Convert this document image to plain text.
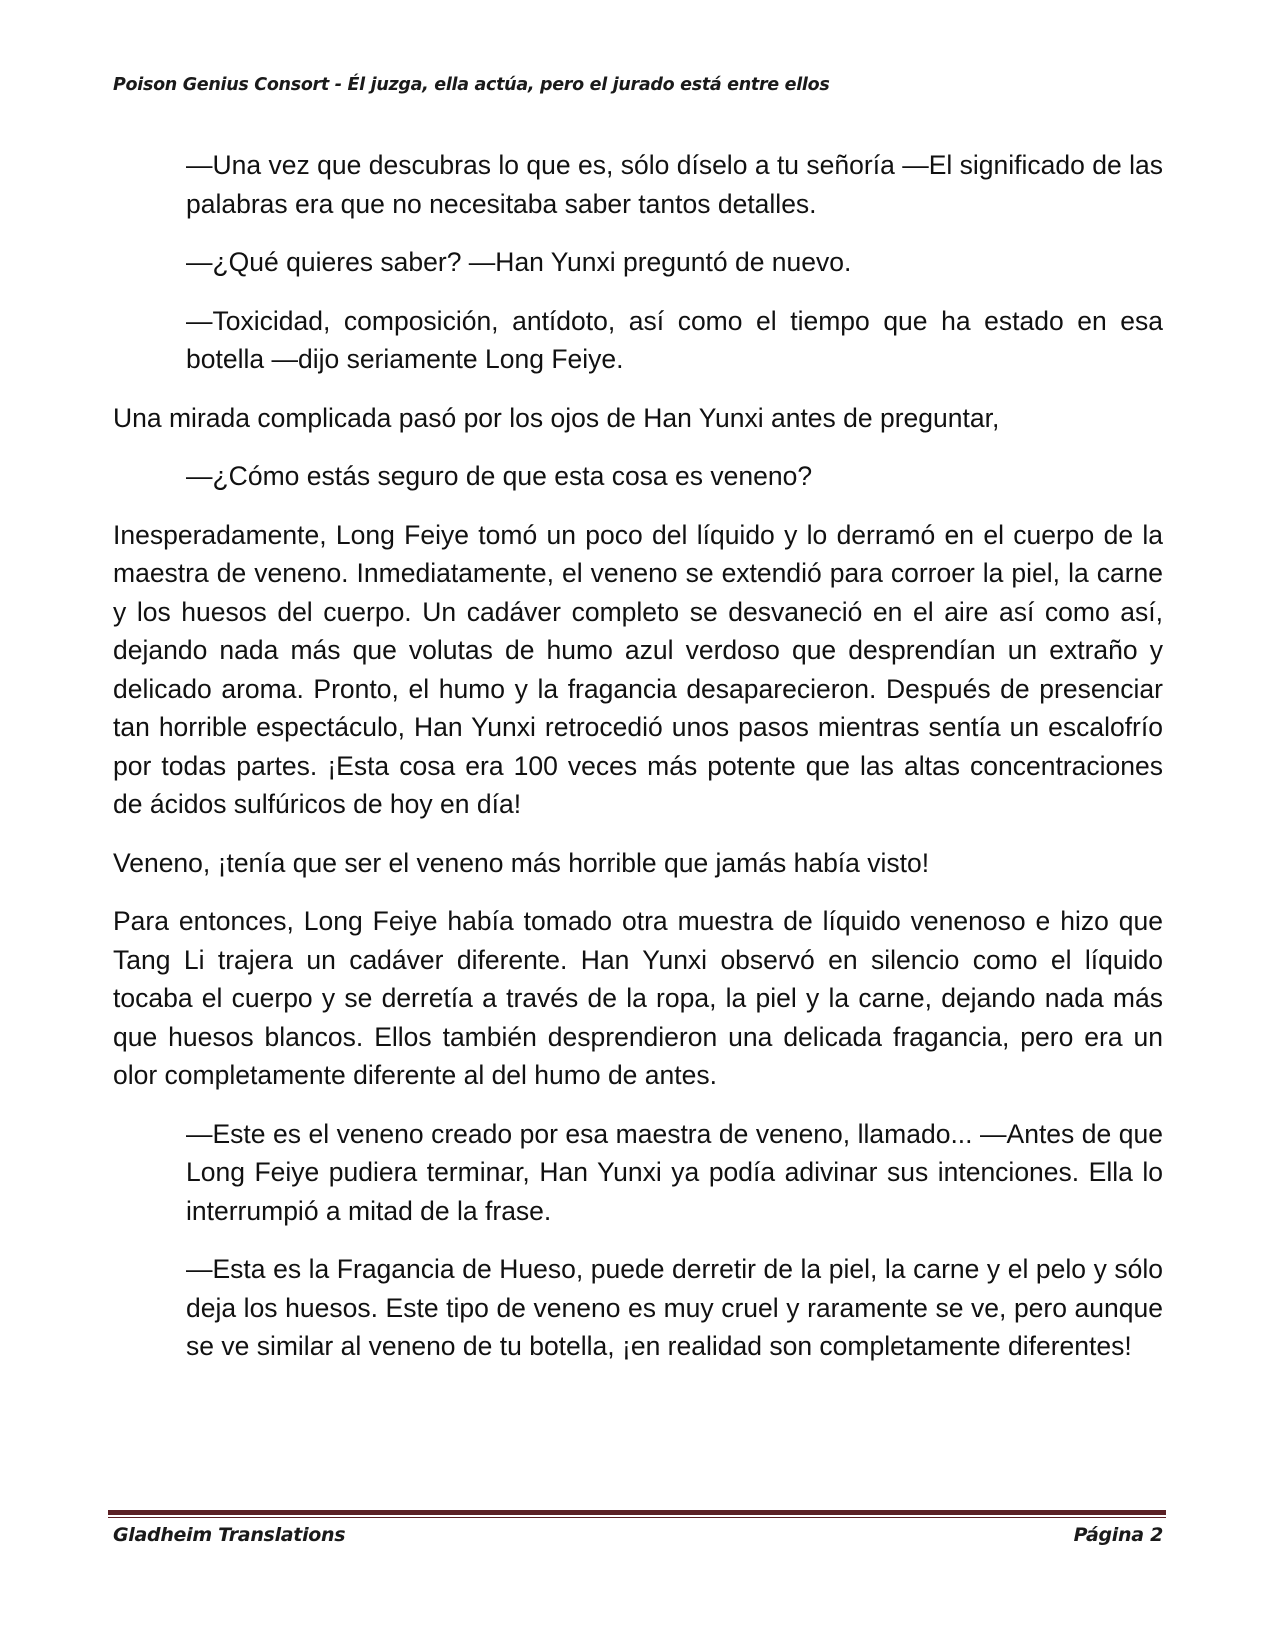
Poison Genius Consort - Él juzga, ella actúa, pero el jurado está entre ellos

—Una vez que descubras lo que es, sólo díselo a tu señoría —El significado de las palabras era que no necesitaba saber tantos detalles.

—¿Qué quieres saber? —Han Yunxi preguntó de nuevo.

—Toxicidad, composición, antídoto, así como el tiempo que ha estado en esa botella —dijo seriamente Long Feiye.

Una mirada complicada pasó por los ojos de Han Yunxi antes de preguntar,

—¿Cómo estás seguro de que esta cosa es veneno?

Inesperadamente, Long Feiye tomó un poco del líquido y lo derramó en el cuerpo de la maestra de veneno. Inmediatamente, el veneno se extendió para corroer la piel, la carne y los huesos del cuerpo. Un cadáver completo se desvaneció en el aire así como así, dejando nada más que volutas de humo azul verdoso que desprendían un extraño y delicado aroma. Pronto, el humo y la fragancia desaparecieron. Después de presenciar tan horrible espectáculo, Han Yunxi retrocedió unos pasos mientras sentía un escalofrío por todas partes. ¡Esta cosa era 100 veces más potente que las altas concentraciones de ácidos sulfúricos de hoy en día!

Veneno, ¡tenía que ser el veneno más horrible que jamás había visto!

Para entonces, Long Feiye había tomado otra muestra de líquido venenoso e hizo que Tang Li trajera un cadáver diferente. Han Yunxi observó en silencio como el líquido tocaba el cuerpo y se derretía a través de la ropa, la piel y la carne, dejando nada más que huesos blancos. Ellos también desprendieron una delicada fragancia, pero era un olor completamente diferente al del humo de antes.

—Este es el veneno creado por esa maestra de veneno, llamado... —Antes de que Long Feiye pudiera terminar, Han Yunxi ya podía adivinar sus intenciones. Ella lo interrumpió a mitad de la frase.

—Esta es la Fragancia de Hueso, puede derretir de la piel, la carne y el pelo y sólo deja los huesos. Este tipo de veneno es muy cruel y raramente se ve, pero aunque se ve similar al veneno de tu botella, ¡en realidad son completamente diferentes!

Gladheim Translations	Página 2
